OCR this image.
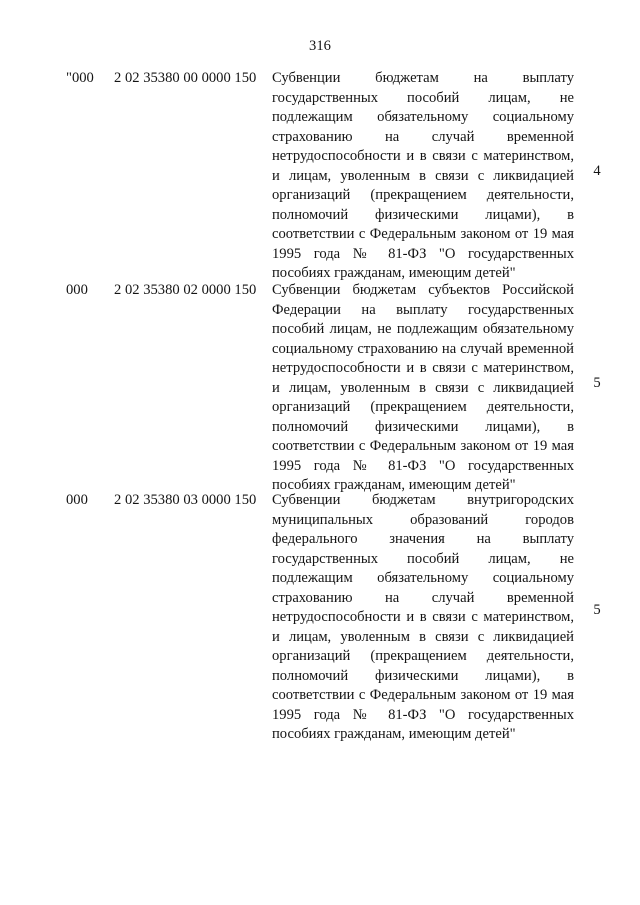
316
"000 2 02 35380 00 0000 150 Субвенции бюджетам на выплату государственных пособий лицам, не подлежащим обязательному социальному страхованию на случай временной нетрудоспособности и в связи с материнством, и лицам, уволенным в связи с ликвидацией организаций (прекращением деятельности, полномочий физическими лицами), в соответствии с Федеральным законом от 19 мая 1995 года № 81-ФЗ "О государственных пособиях гражданам, имеющим детей"
4
000 2 02 35380 02 0000 150 Субвенции бюджетам субъектов Российской Федерации на выплату государственных пособий лицам, не подлежащим обязательному социальному страхованию на случай временной нетрудоспособности и в связи с материнством, и лицам, уволенным в связи с ликвидацией организаций (прекращением деятельности, полномочий физическими лицами), в соответствии с Федеральным законом от 19 мая 1995 года № 81-ФЗ "О государственных пособиях гражданам, имеющим детей"
5
000 2 02 35380 03 0000 150 Субвенции бюджетам внутригородских муниципальных образований городов федерального значения на выплату государственных пособий лицам, не подлежащим обязательному социальному страхованию на случай временной нетрудоспособности и в связи с материнством, и лицам, уволенным в связи с ликвидацией организаций (прекращением деятельности, полномочий физическими лицами), в соответствии с Федеральным законом от 19 мая 1995 года № 81-ФЗ "О государственных пособиях гражданам, имеющим детей"
5
